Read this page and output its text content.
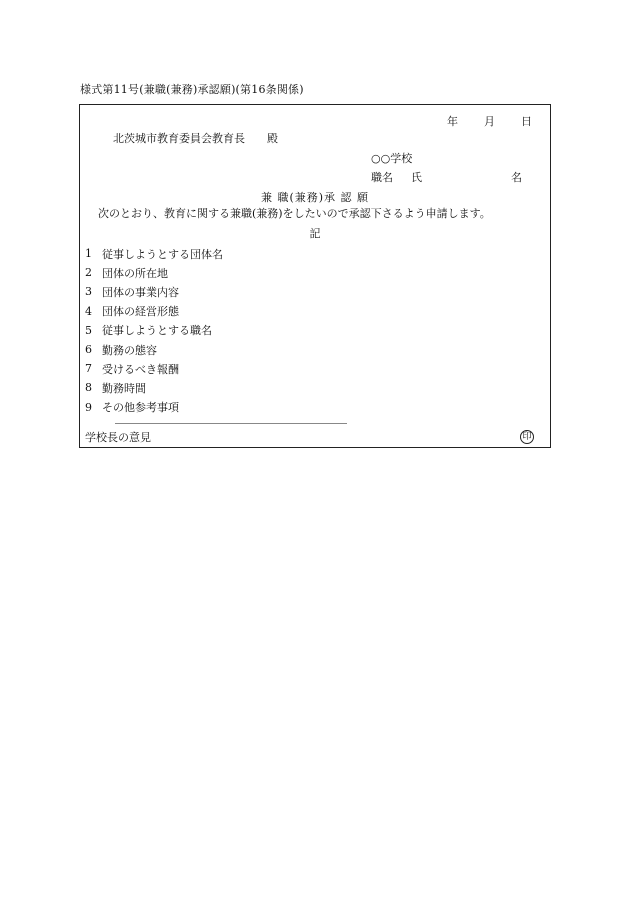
様式第11号(兼職(兼務)承認願)(第16条関係)
年 月 日
北茨城市教育委員会教育長　　殿
○○学校
職名 氏	名
兼 職(兼務)承 認 願
次のとおり、教育に関する兼職(兼務)をしたいので承認下さるよう申請します。
記
1 従事しようとする団体名
2 団体の所在地
3 団体の事業内容
4 団体の経営形態
5 従事しようとする職名
6 勤務の態容
7 受けるべき報酬
8 勤務時間
9 その他参考事項
学校長の意見	印
